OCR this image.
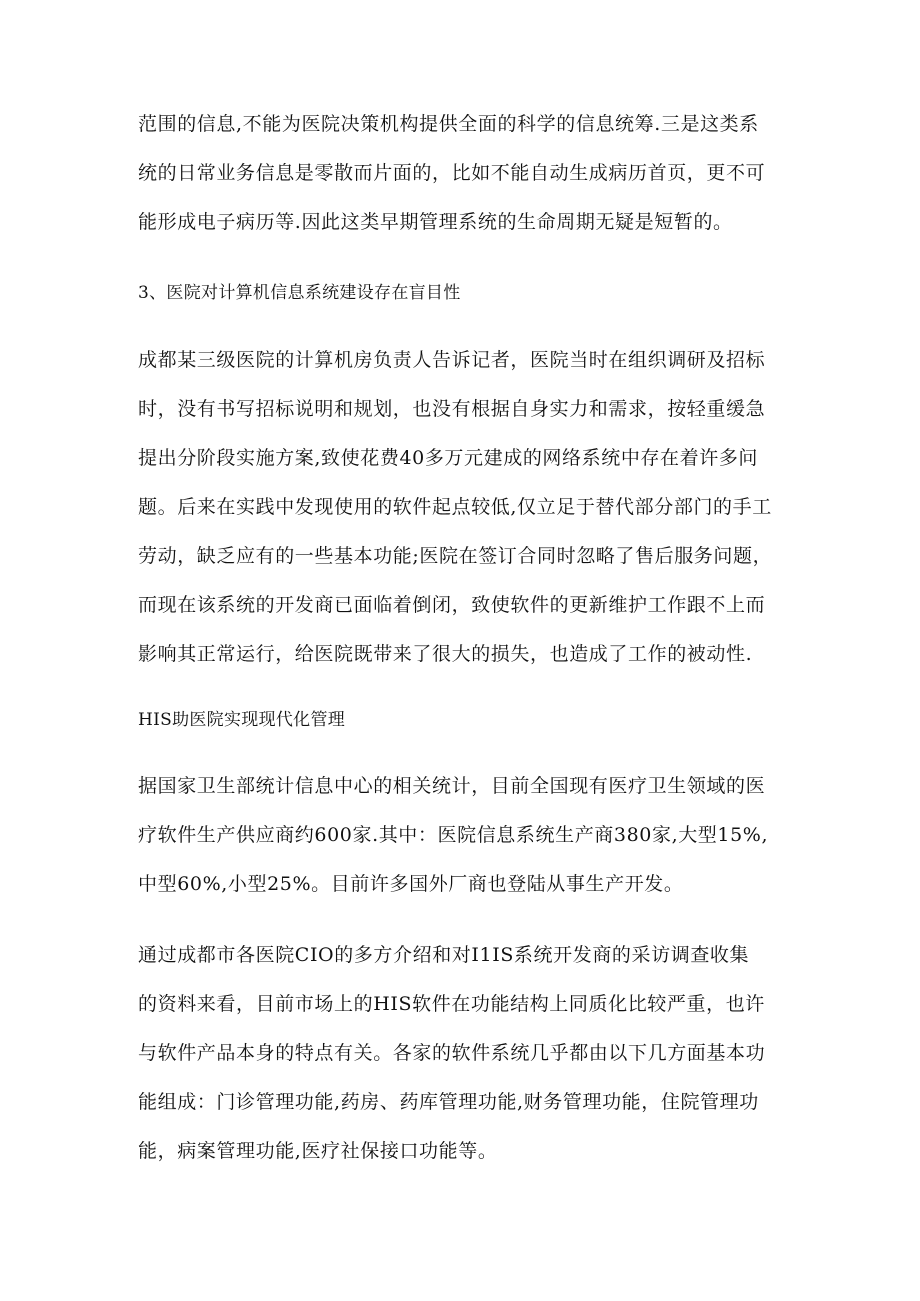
范围的信息,不能为医院决策机构提供全面的科学的信息统筹.三是这类系
统的日常业务信息是零散而片面的，比如不能自动生成病历首页，更不可
能形成电子病历等.因此这类早期管理系统的生命周期无疑是短暂的。
3、医院对计算机信息系统建设存在盲目性
成都某三级医院的计算机房负责人告诉记者，医院当时在组织调研及招标
时，没有书写招标说明和规划，也没有根据自身实力和需求，按轻重缓急
提出分阶段实施方案,致使花费40多万元建成的网络系统中存在着许多问
题。后来在实践中发现使用的软件起点较低,仅立足于替代部分部门的手工
劳动，缺乏应有的一些基本功能;医院在签订合同时忽略了售后服务问题，
而现在该系统的开发商已面临着倒闭，致使软件的更新维护工作跟不上而
影响其正常运行，给医院既带来了很大的损失，也造成了工作的被动性.
HIS助医院实现现代化管理
据国家卫生部统计信息中心的相关统计，目前全国现有医疗卫生领域的医
疗软件生产供应商约600家.其中：医院信息系统生产商380家,大型15%,
中型60%,小型25%。目前许多国外厂商也登陆从事生产开发。
通过成都市各医院CIO的多方介绍和对I1IS系统开发商的采访调查收集
的资料来看，目前市场上的HIS软件在功能结构上同质化比较严重，也许
与软件产品本身的特点有关。各家的软件系统几乎都由以下几方面基本功
能组成：门诊管理功能,药房、药库管理功能,财务管理功能，住院管理功
能，病案管理功能,医疗社保接口功能等。
